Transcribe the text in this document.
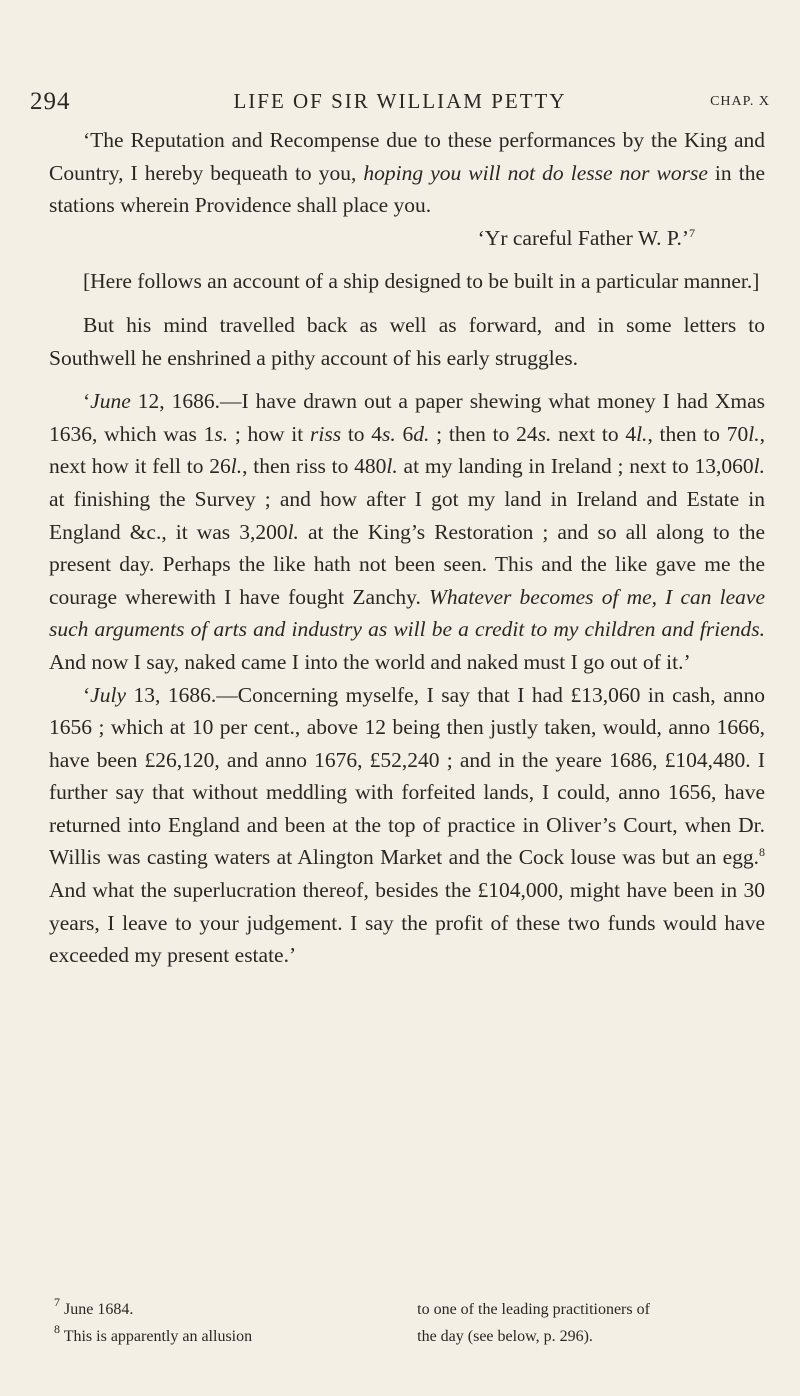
294	LIFE OF SIR WILLIAM PETTY	CHAP. X

‘The Reputation and Recompense due to these performances by the King and Country, I hereby bequeath to you, hoping you will not do lesse nor worse in the stations wherein Providence shall place you.

‘Yr careful Father W. P.’$^7$

[Here follows an account of a ship designed to be built in a particular manner.]

But his mind travelled back as well as forward, and in some letters to Southwell he enshrined a pithy account of his early struggles.

‘June 12, 1686.—I have drawn out a paper shewing what money I had Xmas 1636, which was 1s. ; how it riss to 4s. 6d. ; then to 24s. next to 4l., then to 70l., next how it fell to 26l., then riss to 480l. at my landing in Ireland ; next to 13,060l. at finishing the Survey ; and how after I got my land in Ireland and Estate in England &c., it was 3,200l. at the King’s Restoration ; and so all along to the present day. Perhaps the like hath not been seen. This and the like gave me the courage wherewith I have fought Zanchy. Whatever becomes of me, I can leave such arguments of arts and industry as will be a credit to my children and friends. And now I say, naked came I into the world and naked must I go out of it.’

‘July 13, 1686.—Concerning myselfe, I say that I had £13,060 in cash, anno 1656 ; which at 10 per cent., above 12 being then justly taken, would, anno 1666, have been £26,120, and anno 1676, £52,240 ; and in the yeare 1686, £104,480. I further say that without meddling with forfeited lands, I could, anno 1656, have returned into England and been at the top of practice in Oliver’s Court, when Dr. Willis was casting waters at Alington Market and the Cock louse was but an egg.$^8$ And what the superlucration thereof, besides the £104,000, might have been in 30 years, I leave to your judgement. I say the profit of these two funds would have exceeded my present estate.’

$^7$ June 1684.	to one of the leading practitioners of
$^8$ This is apparently an allusion	the day (see below, p. 296).
